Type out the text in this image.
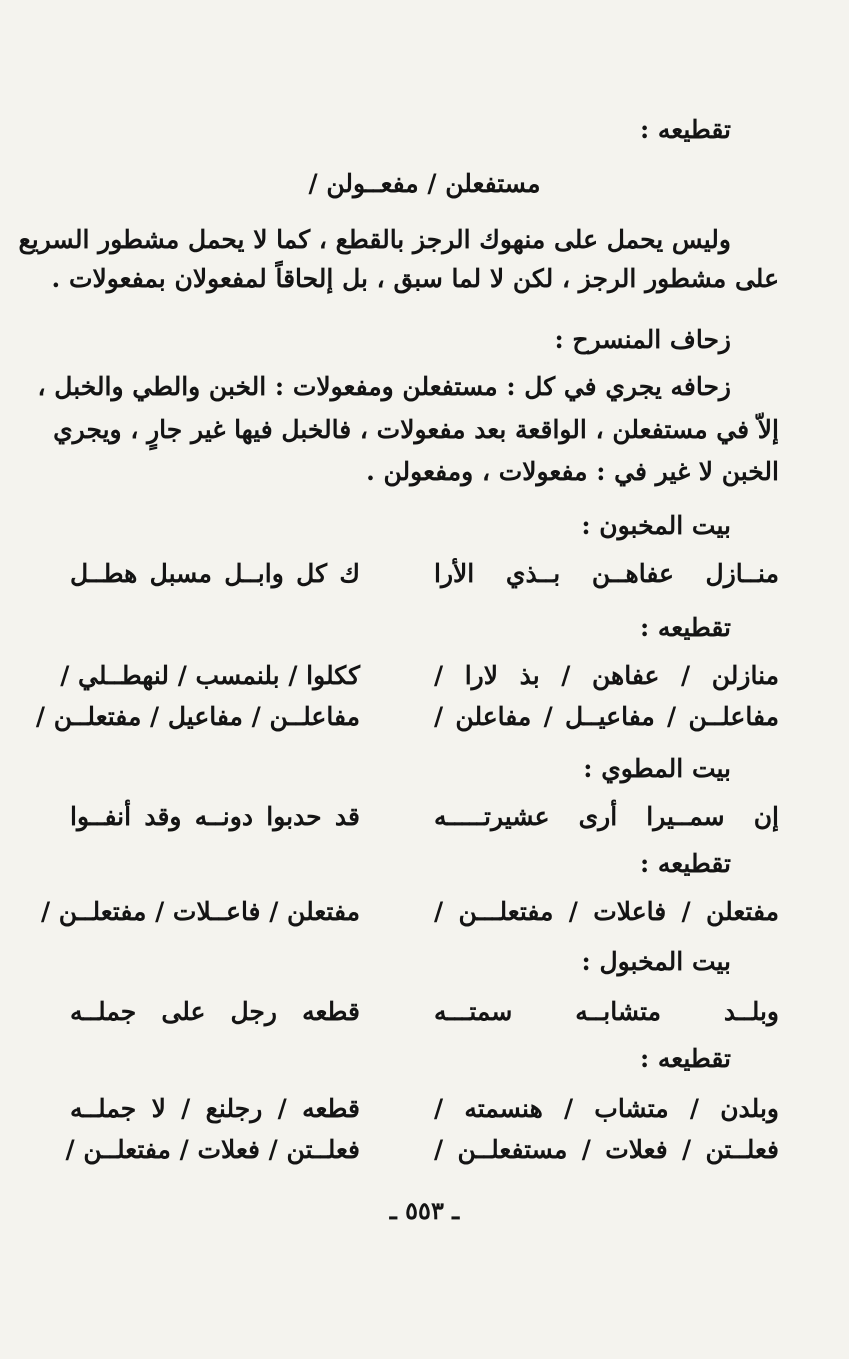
تقطيعه :
مستفعلن / مفعــولن /
وليس يحمل على منهوك الرجز بالقطع ، كما لا يحمل مشطور السريع
على مشطور الرجز ، لكن لا لما سبق ، بل إلحاقاً لمفعولان بمفعولات .
زحاف المنسرح :
زحافه يجري في كل : مستفعلن ومفعولات : الخبن والطي والخبل ،
إلاّ في مستفعلن ، الواقعة بعد مفعولات ، فالخبل فيها غير جارٍ ، ويجري
الخبن لا غير في : مفعولات ، ومفعولن .
بيت المخبون :
منــازل عفاهــن بــذي الأرا
ك كل وابــل مسبل هطــل
تقطيعه :
منازلن / عفاهن / بذ لارا /
ككلوا / بلنمسب / لنهطــلي /
مفاعلــن / مفاعيــل / مفاعلن /
مفاعلــن / مفاعيل / مفتعلــن /
بيت المطوي :
إن سمــيرا أرى عشيرتـــــه
قد حدبوا دونــه وقد أنفــوا
تقطيعه :
مفتعلن / فاعلات / مفتعلـــن /
مفتعلن / فاعــلات / مفتعلــن /
بيت المخبول :
وبلــد متشابــه سمتـــه
قطعه رجل على جملــه
تقطيعه :
وبلدن / متشاب / هنسمته /
قطعه / رجلنع / لا جملــه
فعلــتن / فعلات / مستفعلــن /
فعلــتن / فعلات / مفتعلــن /
ـ ٥٥٣ ـ
